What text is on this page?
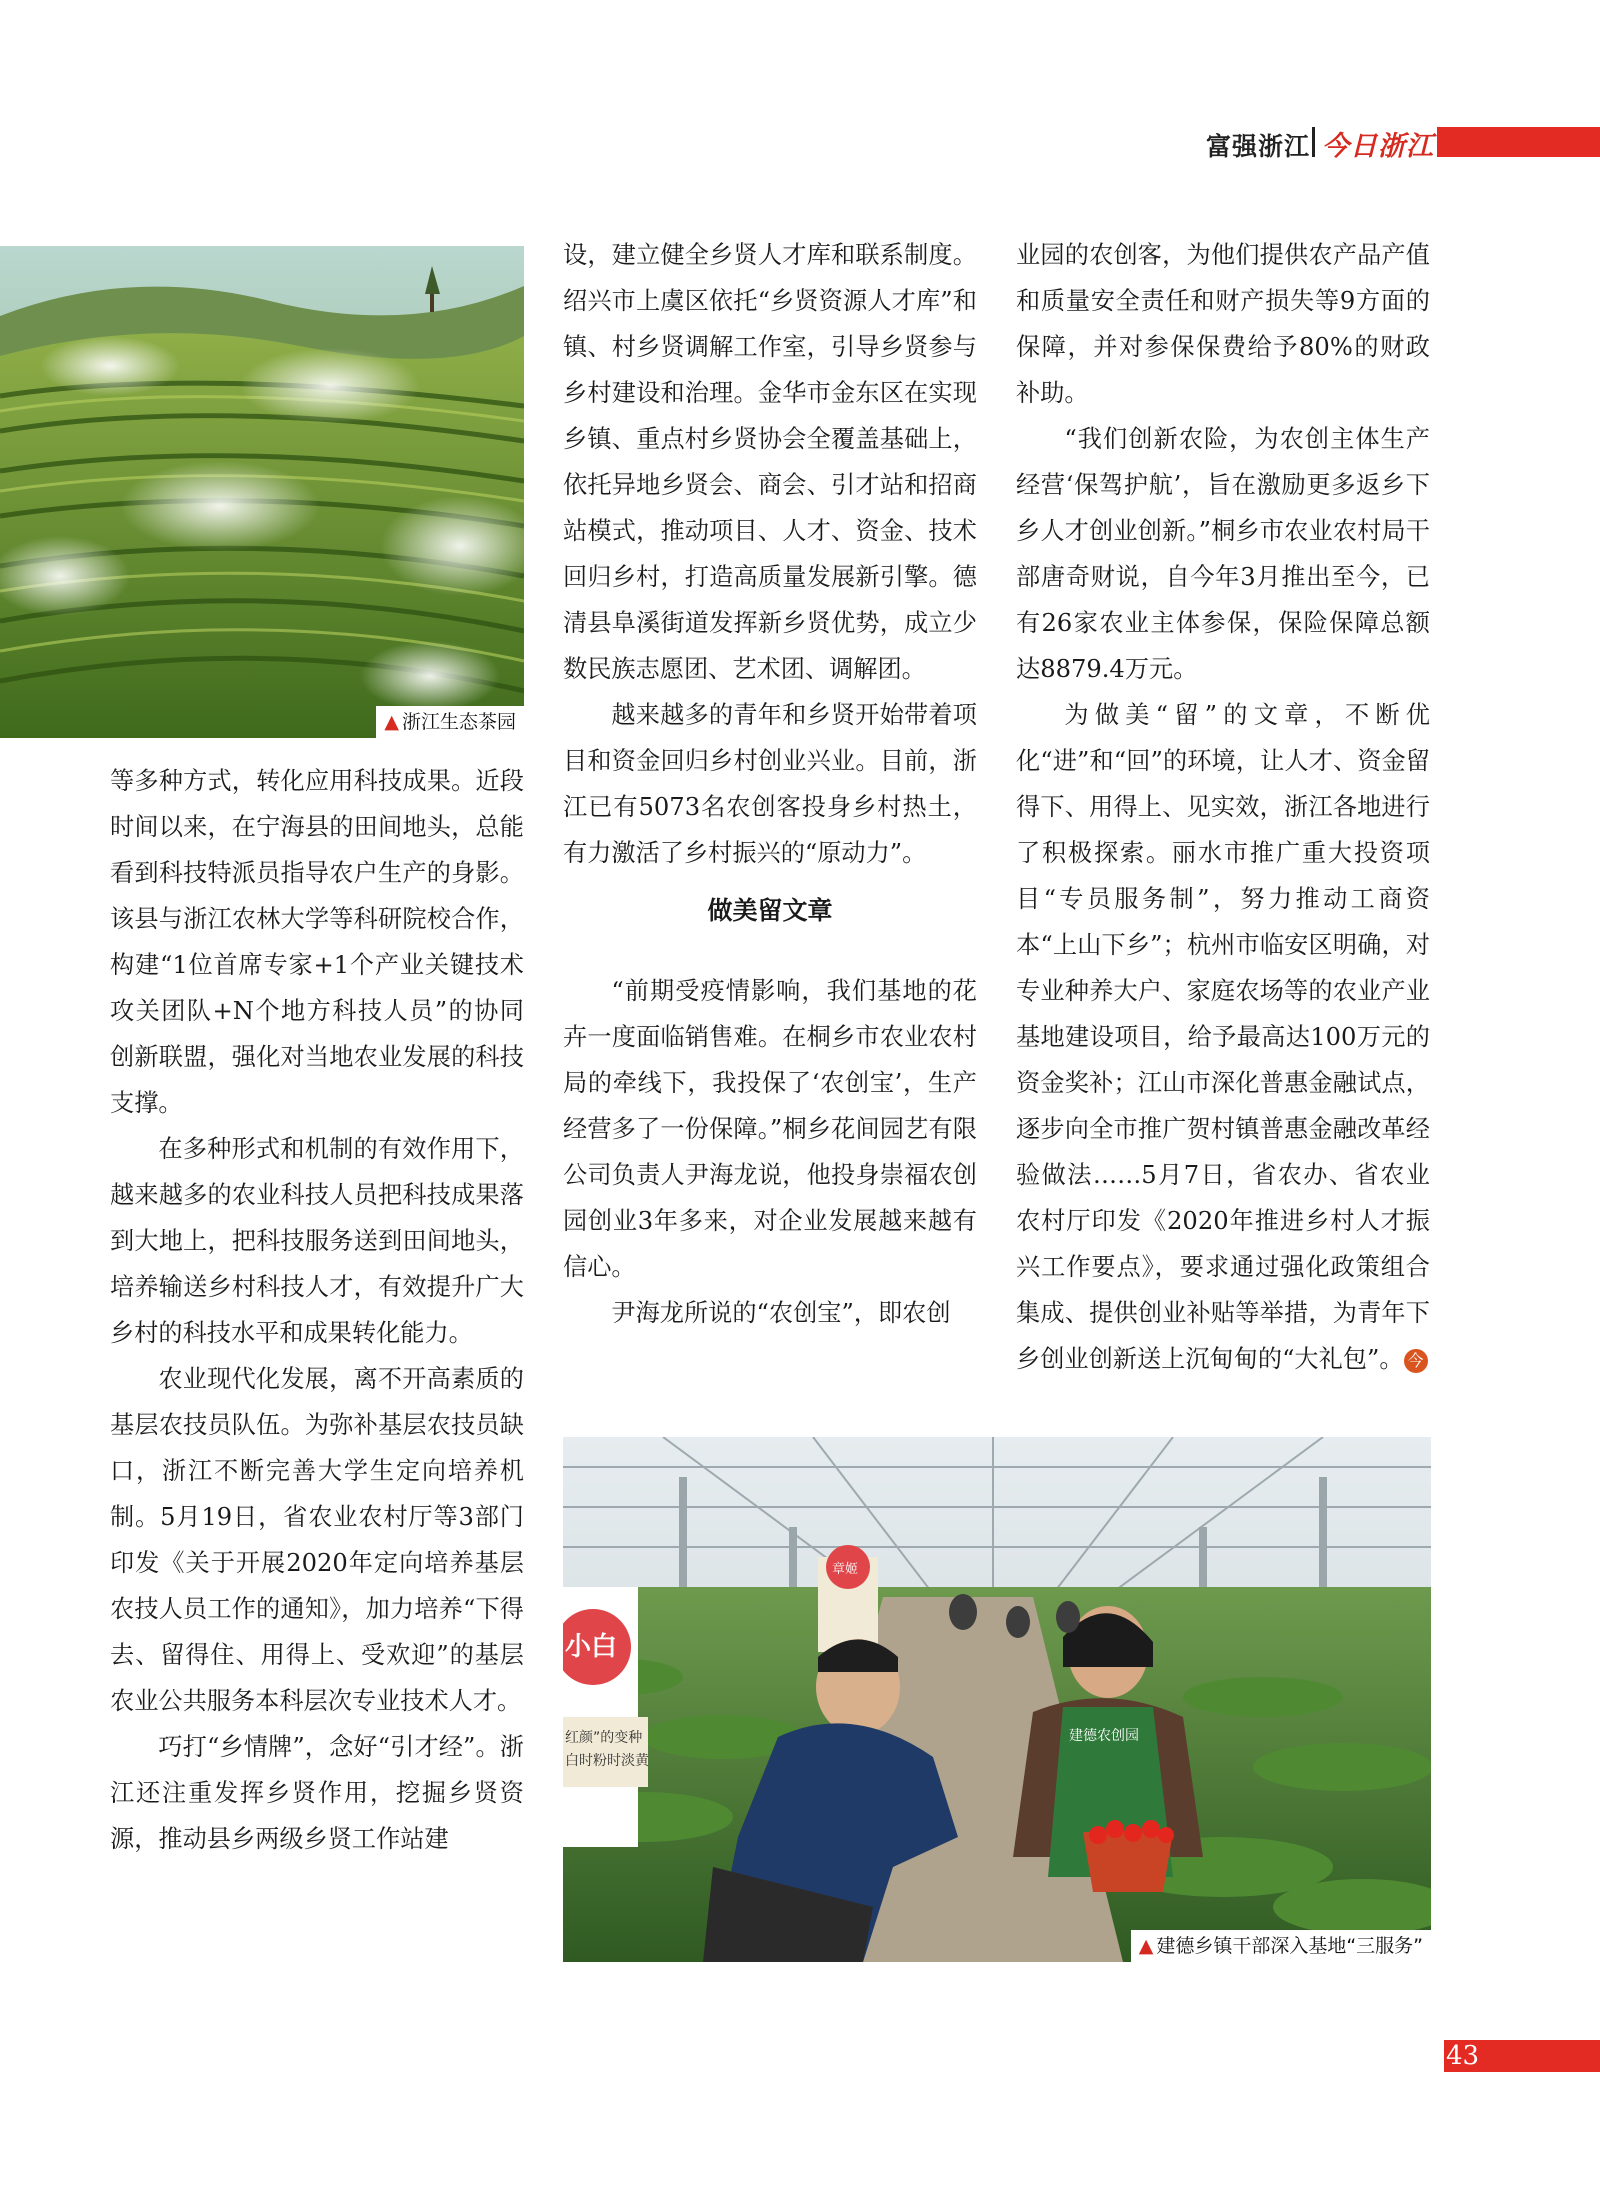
富强浙江 今日浙江
▲ 浙江生态茶园

等多种方式，转化应用科技成果。近段时间以来，在宁海县的田间地头，总能看到科技特派员指导农户生产的身影。该县与浙江农林大学等科研院校合作，构建“1位首席专家+1个产业关键技术攻关团队+N个地方科技人员”的协同创新联盟，强化对当地农业发展的科技支撑。

在多种形式和机制的有效作用下，越来越多的农业科技人员把科技成果落到大地上，把科技服务送到田间地头，培养输送乡村科技人才，有效提升广大乡村的科技水平和成果转化能力。

农业现代化发展，离不开高素质的基层农技员队伍。为弥补基层农技员缺口，浙江不断完善大学生定向培养机制。5月19日，省农业农村厅等3部门印发《关于开展2020年定向培养基层农技人员工作的通知》，加力培养“下得去、留得住、用得上、受欢迎”的基层农业公共服务本科层次专业技术人才。

巧打“乡情牌”，念好“引才经”。浙江还注重发挥乡贤作用，挖掘乡贤资源，推动县乡两级乡贤工作站建

设，建立健全乡贤人才库和联系制度。绍兴市上虞区依托“乡贤资源人才库”和镇、村乡贤调解工作室，引导乡贤参与乡村建设和治理。金华市金东区在实现乡镇、重点村乡贤协会全覆盖基础上，依托异地乡贤会、商会、引才站和招商站模式，推动项目、人才、资金、技术回归乡村，打造高质量发展新引擎。德清县阜溪街道发挥新乡贤优势，成立少数民族志愿团、艺术团、调解团。

越来越多的青年和乡贤开始带着项目和资金回归乡村创业兴业。目前，浙江已有5073名农创客投身乡村热土，有力激活了乡村振兴的“原动力”。

做美留文章

“前期受疫情影响，我们基地的花卉一度面临销售难。在桐乡市农业农村局的牵线下，我投保了‘农创宝’，生产经营多了一份保障。”桐乡花间园艺有限公司负责人尹海龙说，他投身崇福农创园创业3年多来，对企业发展越来越有信心。

尹海龙所说的“农创宝”，即农创

业园的农创客，为他们提供农产品产值和质量安全责任和财产损失等9方面的保障，并对参保保费给予80%的财政补助。

“我们创新农险，为农创主体生产经营‘保驾护航’，旨在激励更多返乡下乡人才创业创新。”桐乡市农业农村局干部唐奇财说，自今年3月推出至今，已有26家农业主体参保，保险保障总额达8879.4万元。

为做美“留”的文章，不断优化“进”和“回”的环境，让人才、资金留得下、用得上、见实效，浙江各地进行了积极探索。丽水市推广重大投资项目“专员服务制”，努力推动工商资本“上山下乡”；杭州市临安区明确，对专业种养大户、家庭农场等的农业产业基地建设项目，给予最高达100万元的资金奖补；江山市深化普惠金融试点，逐步向全市推广贺村镇普惠金融改革经验做法……5月7日，省农办、省农业农村厅印发《2020年推进乡村人才振兴工作要点》，要求通过强化政策组合集成、提供创业补贴等举措，为青年下乡创业创新送上沉甸甸的“大礼包”。 今

小白
红颜”的变种
白时粉时淡黄
章姬
建德农创园
▲ 建德乡镇干部深入基地“三服务”
43
